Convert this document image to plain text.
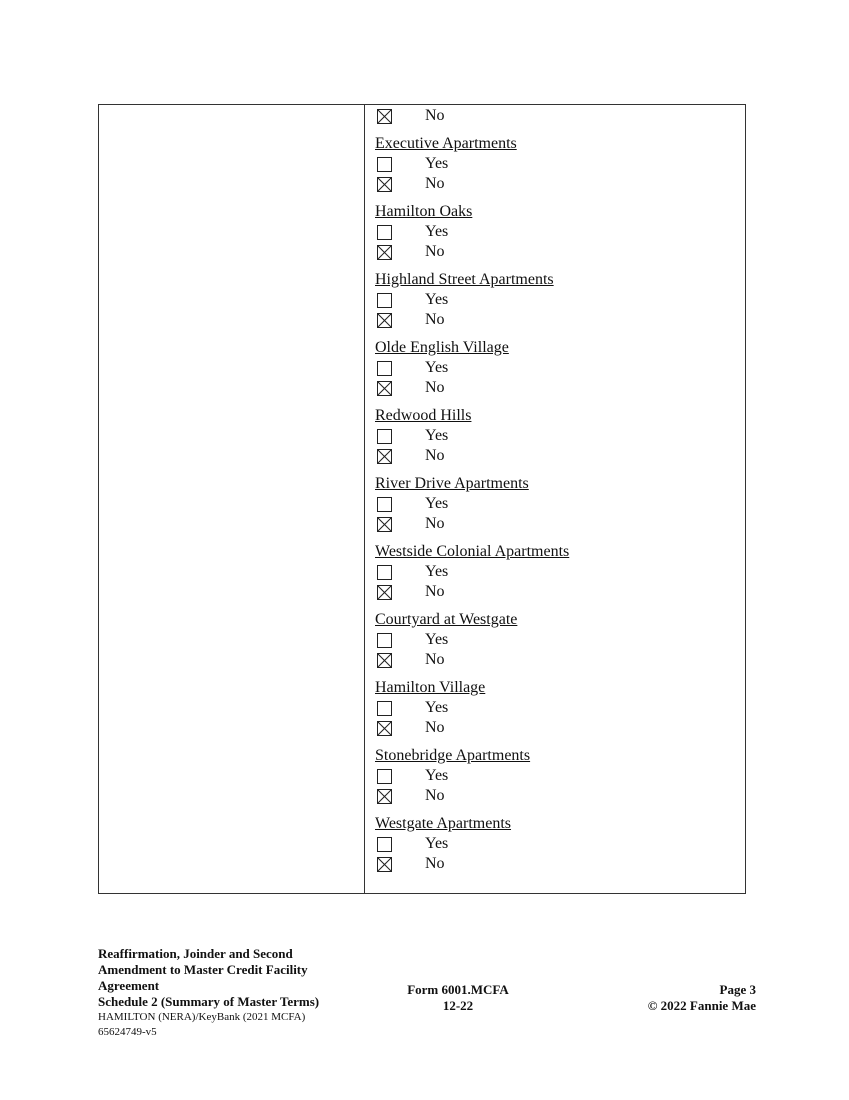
No
Executive Apartments
Yes
No
Hamilton Oaks
Yes
No
Highland Street Apartments
Yes
No
Olde English Village
Yes
No
Redwood Hills
Yes
No
River Drive Apartments
Yes
No
Westside Colonial Apartments
Yes
No
Courtyard at Westgate
Yes
No
Hamilton Village
Yes
No
Stonebridge Apartments
Yes
No
Westgate Apartments
Yes
No
Reaffirmation, Joinder and Second
Amendment to Master Credit Facility
Agreement
Schedule 2 (Summary of Master Terms)
HAMILTON (NERA)/KeyBank (2021 MCFA)
65624749-v5
Form 6001.MCFA
12-22
Page 3
© 2022 Fannie Mae
